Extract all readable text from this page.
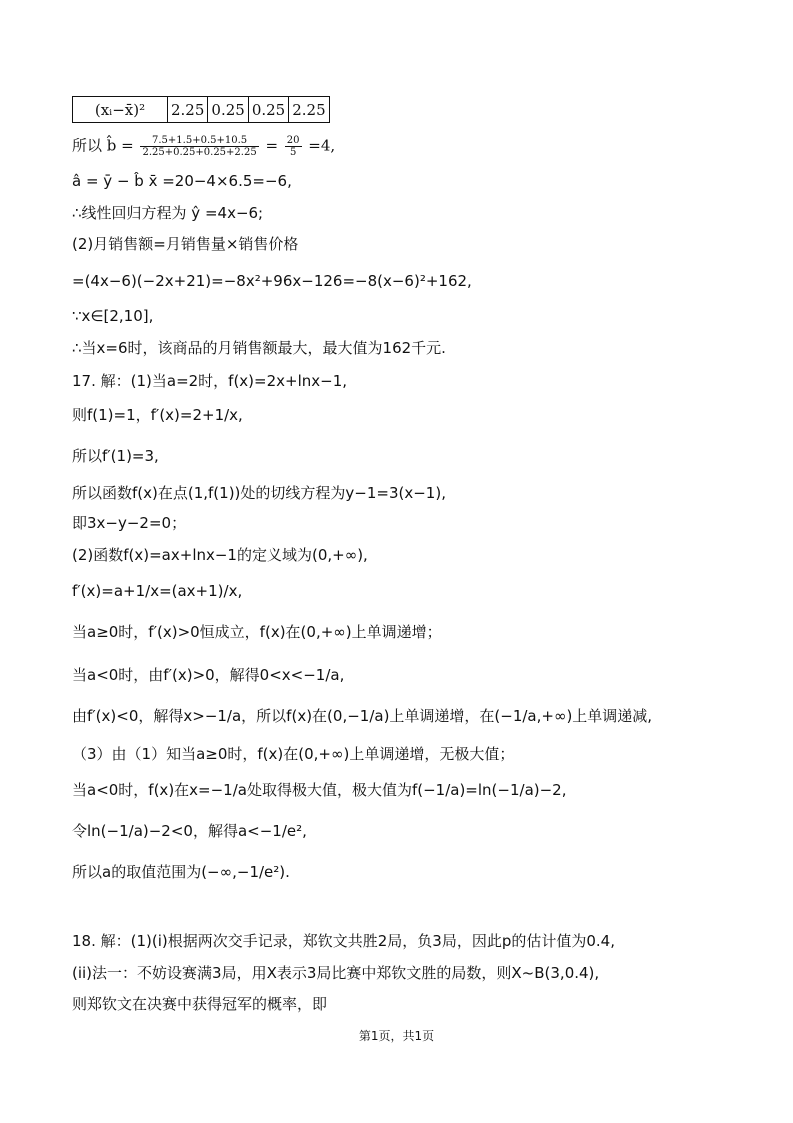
(xᵢ−x̄)²	2.25	0.25	0.25	2.25
所以 b̂ = $\frac{7.5+1.5+0.5+10.5}{2.25+0.25+0.25+2.25} = \frac{20}{5} =4$,
â = ȳ − b̂ x̄ =20−4×6.5=−6,
∴线性回归方程为 ŷ =4x−6;
(2)月销售额=月销售量×销售价格
=(4x−6)(−2x+21)=−8x²+96x−126=−8(x−6)²+162,
∵x∈[2,10],
∴当x=6时，该商品的月销售额最大，最大值为162千元.
17. 解：(1)当a=2时，f(x)=2x+lnx−1,
则f(1)=1，f′(x)=2+1/x,
所以f′(1)=3,
所以函数f(x)在点(1,f(1))处的切线方程为y−1=3(x−1),
即3x−y−2=0；
(2)函数f(x)=ax+lnx−1的定义域为(0,+∞),
f′(x)=a+1/x=(ax+1)/x,
当a≥0时，f′(x)>0恒成立，f(x)在(0,+∞)上单调递增；
当a<0时，由f′(x)>0，解得0<x<−1/a,
由f′(x)<0，解得x>−1/a，所以f(x)在(0,−1/a)上单调递增，在(−1/a,+∞)上单调递减,
（3）由（1）知当a≥0时，f(x)在(0,+∞)上单调递增，无极大值；
当a<0时，f(x)在x=−1/a处取得极大值，极大值为f(−1/a)=ln(−1/a)−2,
令ln(−1/a)−2<0，解得a<−1/e²,
所以a的取值范围为(−∞,−1/e²).
18. 解：(1)(i)根据两次交手记录，郑钦文共胜2局，负3局，因此p的估计值为0.4,
(ii)法一：不妨设赛满3局，用X表示3局比赛中郑钦文胜的局数，则X~B(3,0.4),
则郑钦文在决赛中获得冠军的概率，即
第1页，共1页
